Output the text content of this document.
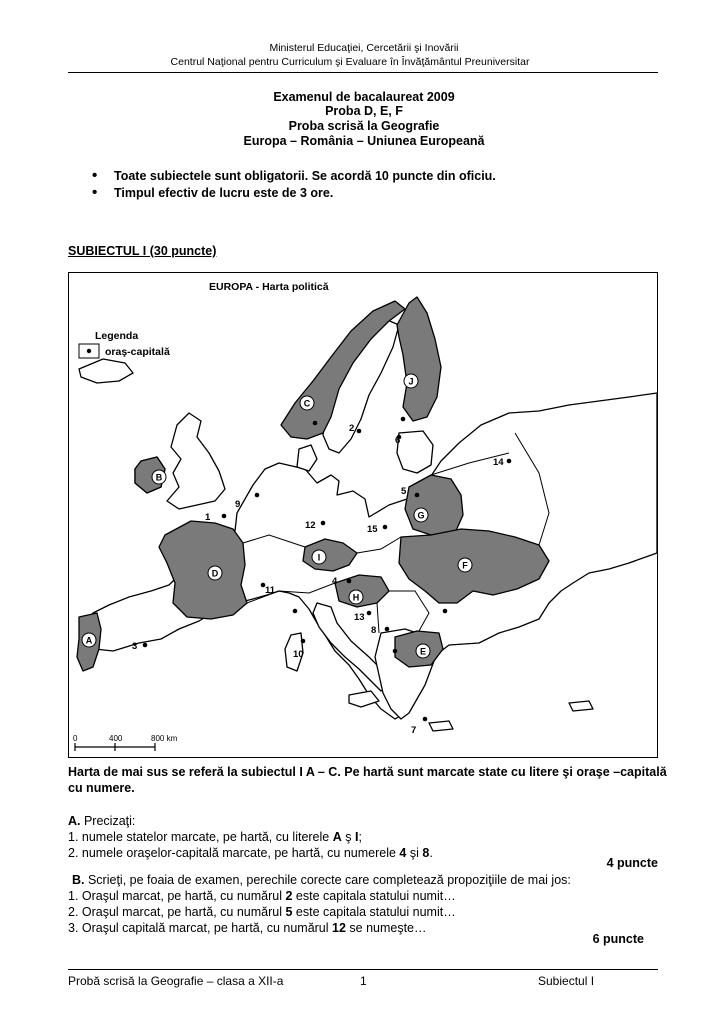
Ministerul Educaţiei, Cercetării şi Inovării
Centrul Naţional pentru Curriculum şi Evaluare în Învăţământul Preuniversitar
Examenul de bacalaureat 2009
Proba D, E, F
Proba scrisă la Geografie
Europa – România – Uniunea Europeană
• Toate subiectele sunt obligatorii. Se acordă 10 puncte din oficiu.
• Timpul efectiv de lucru este de 3 ore.
SUBIECTUL I (30 puncte)
EUROPA - Harta politică
Legenda
oraş-capitală
0	400	800 km
A
B
C
D
E
F
G
H
I
J
1
2
3
4
5
6
7
8
9
10
11
12
13
14
15
Harta de mai sus se referă la subiectul I A – C. Pe hartă sunt marcate state cu litere şi oraşe –capitală cu numere.
A. Precizaţi:
1. numele statelor marcate, pe hartă, cu literele A ş I;
2. numele oraşelor-capitală marcate, pe hartă, cu numerele 4 şi 8.
4 puncte
B. Scrieţi, pe foaia de examen, perechile corecte care completează propoziţiile de mai jos:
1. Oraşul marcat, pe hartă, cu numărul 2 este capitala statului numit…
2. Oraşul marcat, pe hartă, cu numărul 5 este capitala statului numit…
3. Oraşul capitală marcat, pe hartă, cu numărul 12 se numeşte…
6 puncte
Probă scrisă la Geografie – clasa a XII-a	1	Subiectul I
